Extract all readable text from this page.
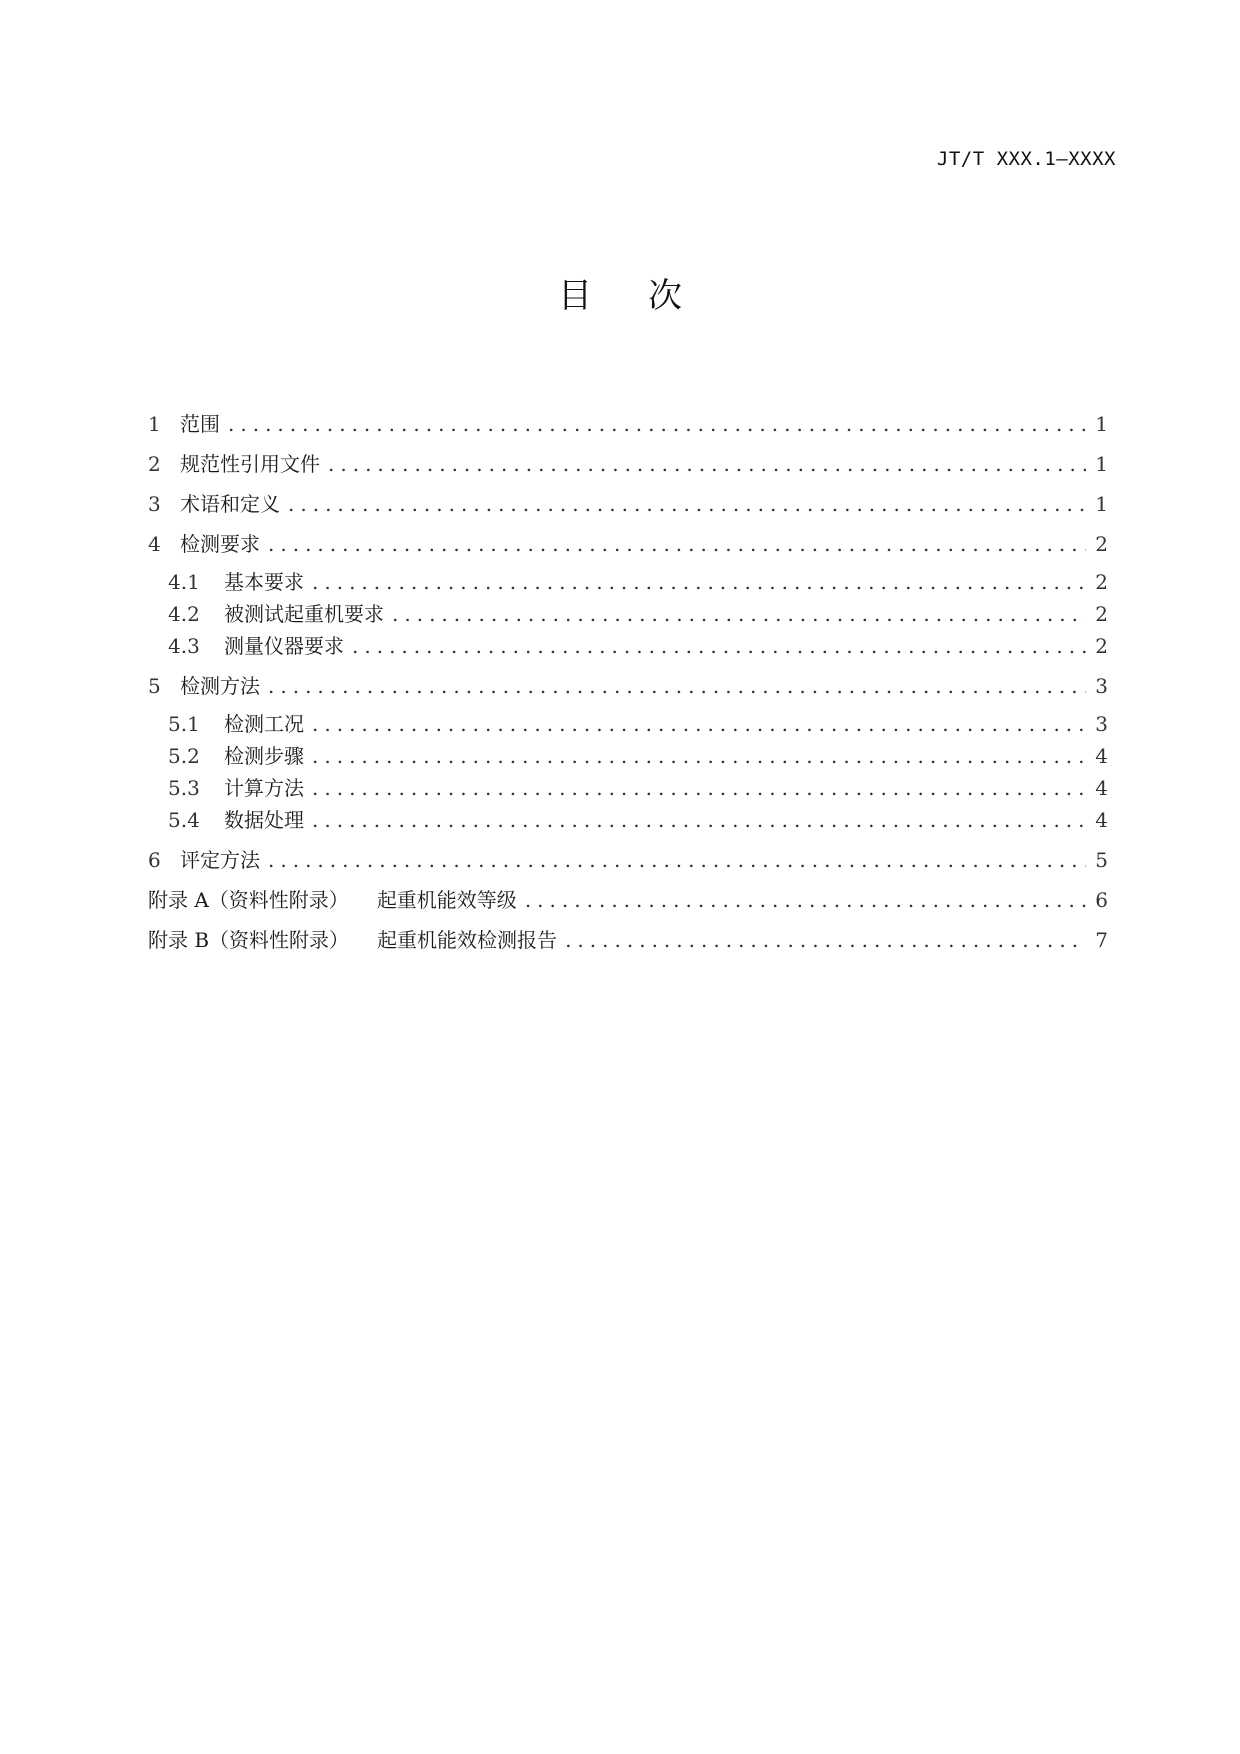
JT/T XXX.1—XXXX
目次
1 范围 .....	1
2 规范性引用文件 .....	1
3 术语和定义 .....	1
4 检测要求 .....	2
4.1	基本要求 .....	2
4.2	被测试起重机要求 .....	2
4.3	测量仪器要求 .....	2
5 检测方法 .....	3
5.1	检测工况 .....	3
5.2	检测步骤 .....	4
5.3	计算方法 .....	4
5.4	数据处理 .....	4
6 评定方法 .....	5
附录 A（资料性附录） 起重机能效等级 .....	6
附录 B（资料性附录） 起重机能效检测报告 .....	7
